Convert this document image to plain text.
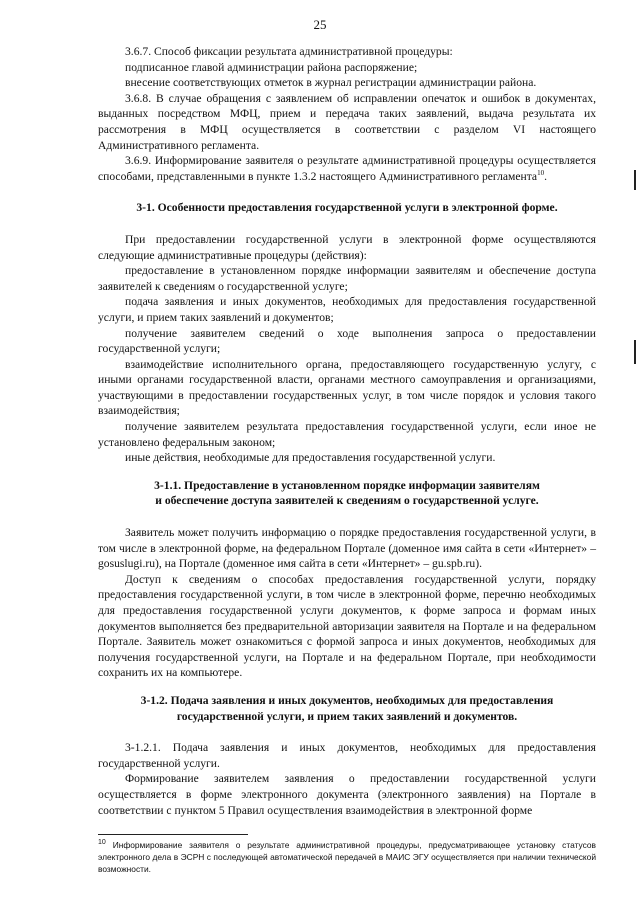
25

3.6.7. Способ фиксации результата административной процедуры:

подписанное главой администрации района распоряжение;

внесение соответствующих отметок в журнал регистрации администрации района.

3.6.8. В случае обращения с заявлением об исправлении опечаток и ошибок в документах, выданных посредством МФЦ, прием и передача таких заявлений, выдача результата их рассмотрения в МФЦ осуществляется в соответствии с разделом VI настоящего Административного регламента.

3.6.9. Информирование заявителя о результате административной процедуры осуществляется способами, представленными в пункте 1.3.2 настоящего Административного регламента$^{10}$.

3-1. Особенности предоставления государственной услуги в электронной форме.

При предоставлении государственной услуги в электронной форме осуществляются следующие административные процедуры (действия):

предоставление в установленном порядке информации заявителям и обеспечение доступа заявителей к сведениям о государственной услуге;

подача заявления и иных документов, необходимых для предоставления государственной услуги, и прием таких заявлений и документов;

получение заявителем сведений о ходе выполнения запроса о предоставлении государственной услуги;

взаимодействие исполнительного органа, предоставляющего государственную услугу, с иными органами государственной власти, органами местного самоуправления и организациями, участвующими в предоставлении государственных услуг, в том числе порядок и условия такого взаимодействия;

получение заявителем результата предоставления государственной услуги, если иное не установлено федеральным законом;

иные действия, необходимые для предоставления государственной услуги.

3-1.1. Предоставление в установленном порядке информации заявителям
и обеспечение доступа заявителей к сведениям о государственной услуге.

Заявитель может получить информацию о порядке предоставления государственной услуги, в том числе в электронной форме, на федеральном Портале (доменное имя сайта в сети «Интернет» – gosuslugi.ru), на Портале (доменное имя сайта в сети «Интернет» – gu.spb.ru).

Доступ к сведениям о способах предоставления государственной услуги, порядку предоставления государственной услуги, в том числе в электронной форме, перечню необходимых для предоставления государственной услуги документов, к форме запроса и формам иных документов выполняется без предварительной авторизации заявителя на Портале и на федеральном Портале. Заявитель может ознакомиться с формой запроса и иных документов, необходимых для получения государственной услуги, на Портале и на федеральном Портале, при необходимости сохранить их на компьютере.

3-1.2. Подача заявления и иных документов, необходимых для предоставления
государственной услуги, и прием таких заявлений и документов.

3-1.2.1. Подача заявления и иных документов, необходимых для предоставления государственной услуги.

Формирование заявителем заявления о предоставлении государственной услуги осуществляется в форме электронного документа (электронного заявления) на Портале в соответствии с пунктом 5 Правил осуществления взаимодействия в электронной форме

$^{10}$ Информирование заявителя о результате административной процедуры, предусматривающее установку статусов электронного дела в ЭСРН с последующей автоматической передачей в МАИС ЭГУ осуществляется при наличии технической возможности.
